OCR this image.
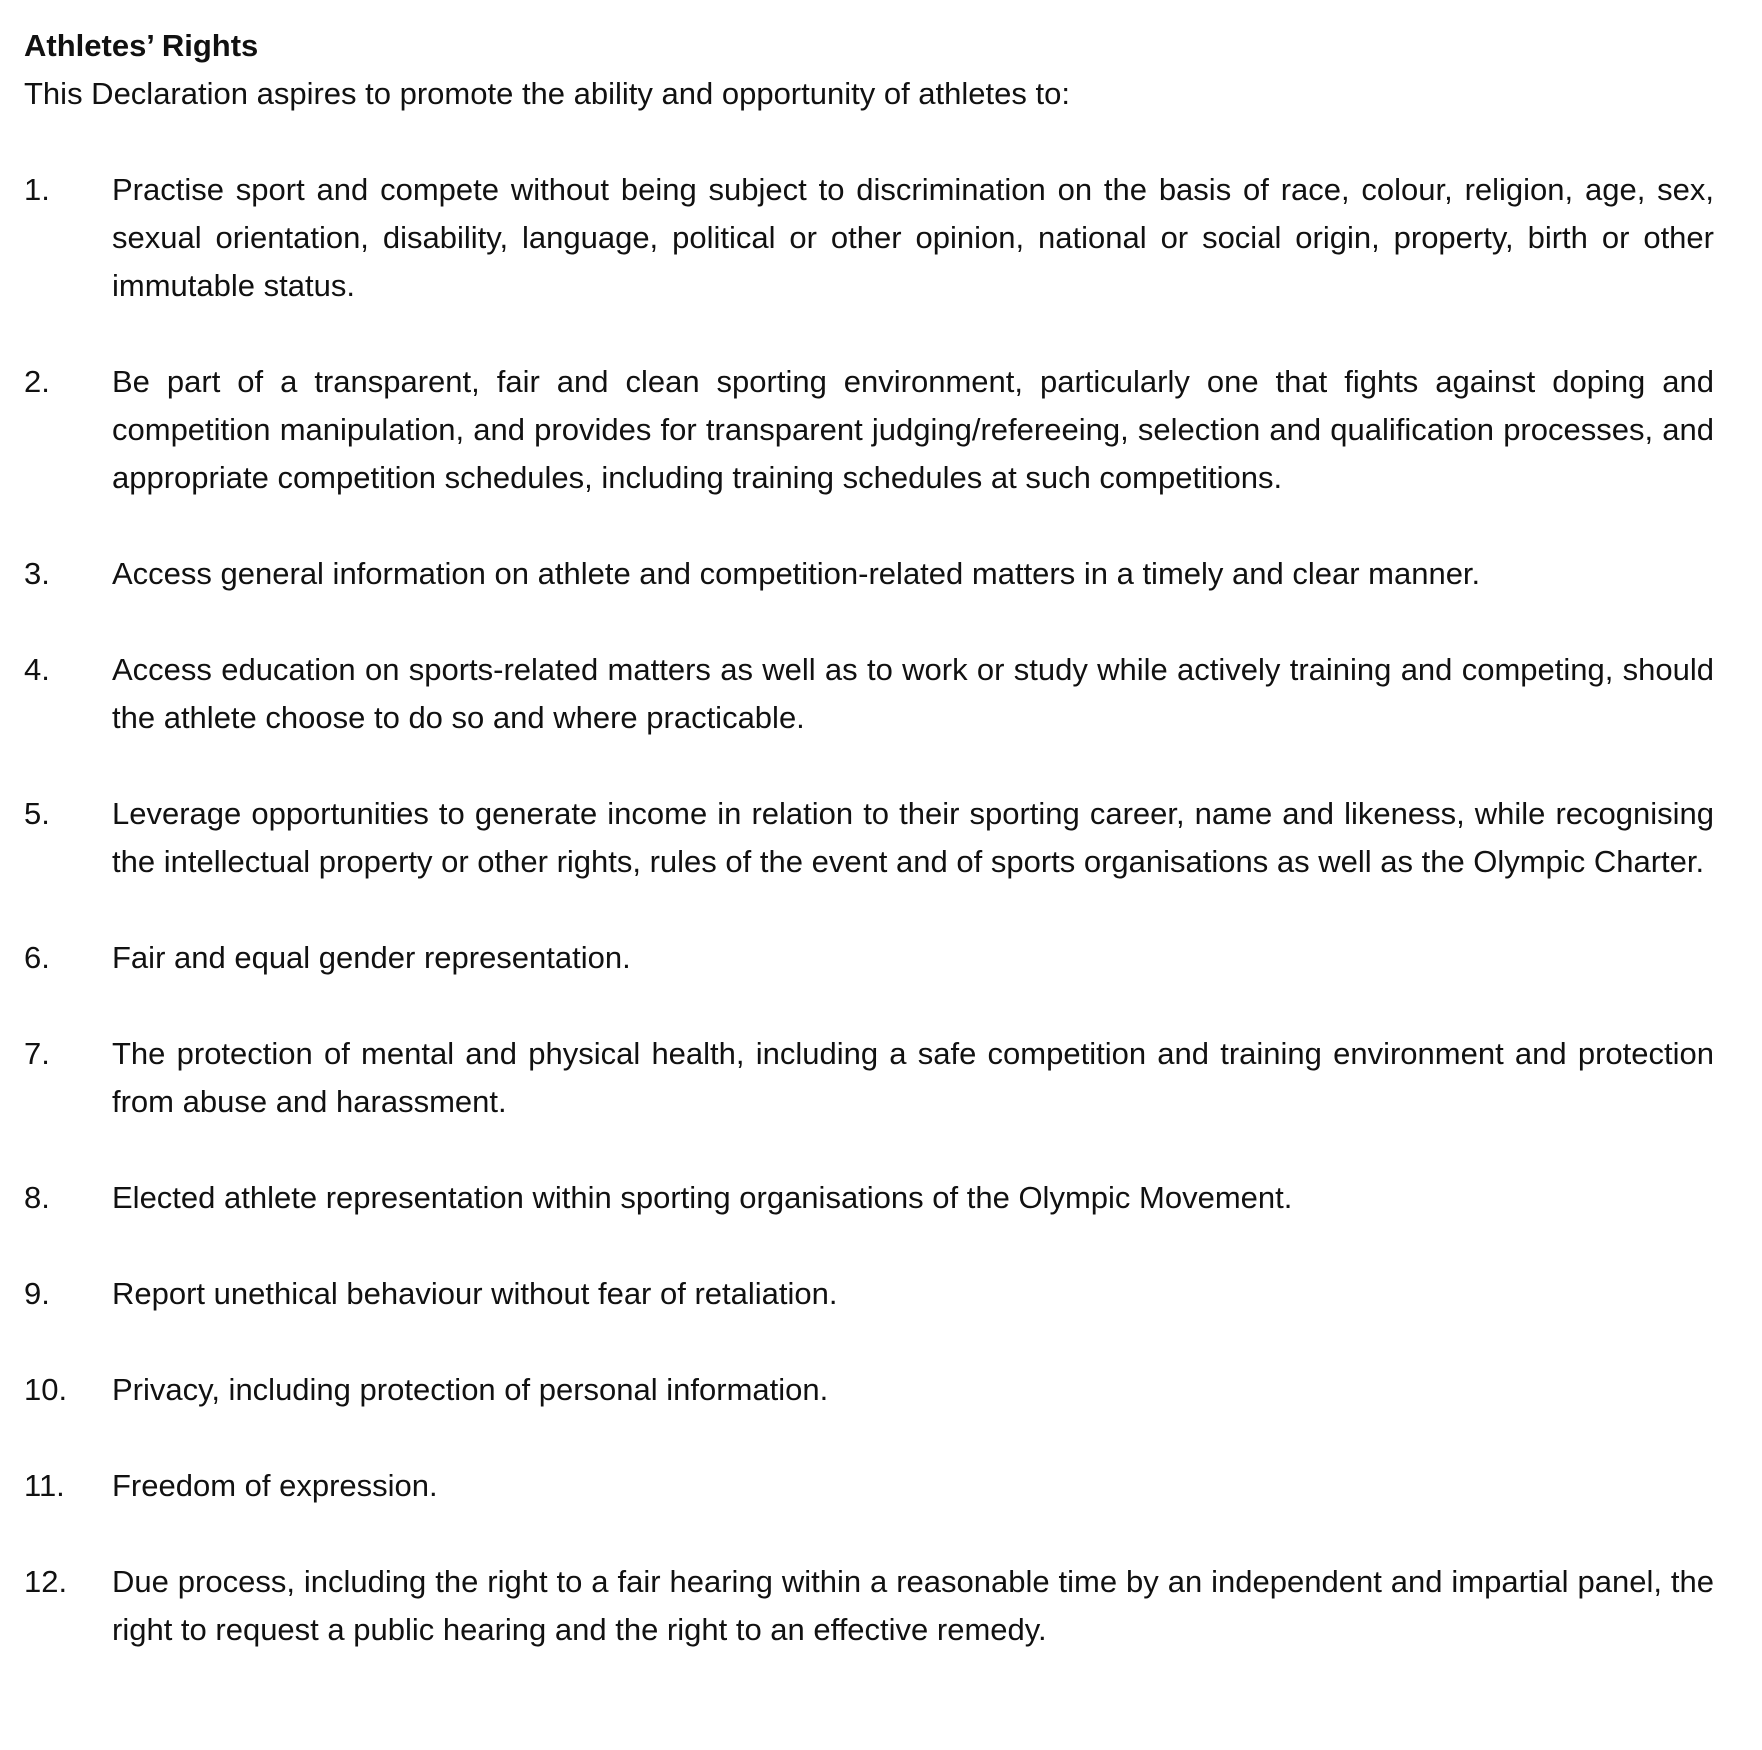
Athletes’ Rights

This Declaration aspires to promote the ability and opportunity of athletes to:

1.	Practise sport and compete without being subject to discrimination on the basis of race, colour, religion, age, sex, sexual orientation, disability, language, political or other opinion, national or social origin, property, birth or other immutable status.
2.	Be part of a transparent, fair and clean sporting environment, particularly one that fights against doping and competition manipulation, and provides for transparent judging/refereeing, selection and qualification processes, and appropriate competition schedules, including training schedules at such competitions.
3.	Access general information on athlete and competition-related matters in a timely and clear manner.
4.	Access education on sports-related matters as well as to work or study while actively training and competing, should the athlete choose to do so and where practicable.
5.	Leverage opportunities to generate income in relation to their sporting career, name and likeness, while recognising the intellectual property or other rights, rules of the event and of sports organisations as well as the Olympic Charter.
6.	Fair and equal gender representation.
7.	The protection of mental and physical health, including a safe competition and training environment and protection from abuse and harassment.
8.	Elected athlete representation within sporting organisations of the Olympic Movement.
9.	Report unethical behaviour without fear of retaliation.
10.	Privacy, including protection of personal information.
11.	Freedom of expression.
12.	Due process, including the right to a fair hearing within a reasonable time by an independent and impartial panel, the right to request a public hearing and the right to an effective remedy.
